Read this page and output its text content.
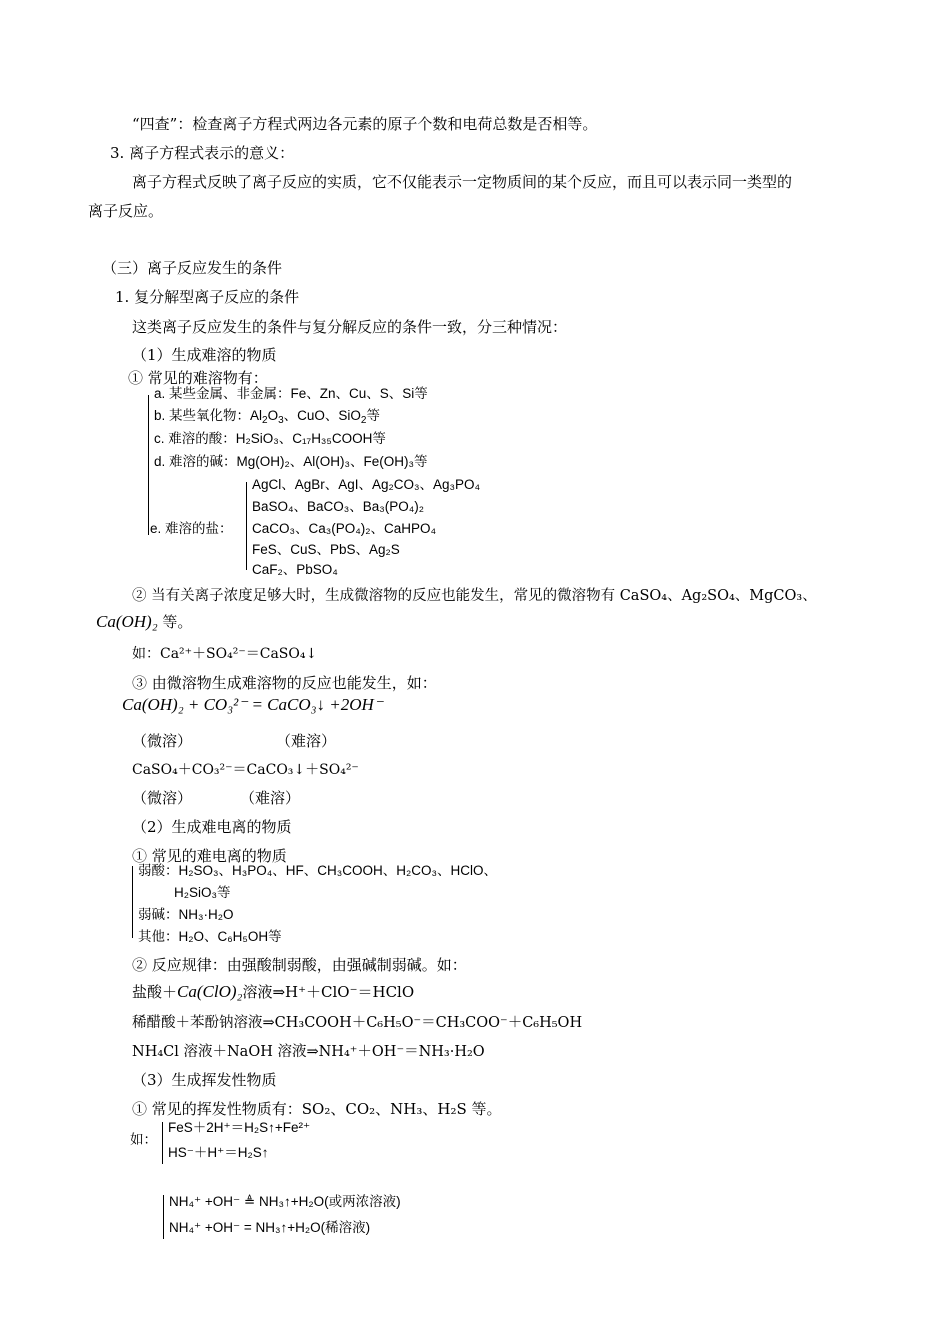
“四查”：检查离子方程式两边各元素的原子个数和电荷总数是否相等。
3. 离子方程式表示的意义：
离子方程式反映了离子反应的实质，它不仅能表示一定物质间的某个反应，而且可以表示同一类型的
离子反应。
（三）离子反应发生的条件
1. 复分解型离子反应的条件
这类离子反应发生的条件与复分解反应的条件一致，分三种情况：
（1）生成难溶的物质
① 常见的难溶物有：
a. 某些金属、非金属：Fe、Zn、Cu、S、Si等
b. 某些氧化物：$Al_2O_3$、CuO、SiO$_2$等
c. 难溶的酸：H₂SiO₃、C₁₇H₃₅COOH等
d. 难溶的碱：Mg(OH)₂、Al(OH)₃、Fe(OH)₃等
e. 难溶的盐：
AgCl、AgBr、AgI、Ag₂CO₃、Ag₃PO₄
BaSO₄、BaCO₃、Ba₃(PO₄)₂
CaCO₃、Ca₃(PO₄)₂、CaHPO₄
FeS、CuS、PbS、Ag₂S
CaF₂、PbSO₄
② 当有关离子浓度足够大时，生成微溶物的反应也能发生，常见的微溶物有 CaSO₄、Ag₂SO₄、MgCO₃、
Ca(OH)₂ 等。
如：Ca²⁺＋SO₄²⁻＝CaSO₄↓
③ 由微溶物生成难溶物的反应也能发生，如：
Ca(OH)₂ + CO₃²⁻ = CaCO₃↓ +2OH⁻
（微溶）	（难溶）
CaSO₄＋CO₃²⁻＝CaCO₃↓＋SO₄²⁻
（微溶）	（难溶）
（2）生成难电离的物质
① 常见的难电离的物质
弱酸：H₂SO₃、H₃PO₄、HF、CH₃COOH、H₂CO₃、HClO、
H₂SiO₃等
弱碱：NH₃·H₂O
其他：H₂O、C₆H₅OH等
② 反应规律：由强酸制弱酸，由强碱制弱碱。如：
盐酸＋Ca(ClO)₂溶液⇒H⁺＋ClO⁻＝HClO
稀醋酸＋苯酚钠溶液⇒CH₃COOH＋C₆H₅O⁻＝CH₃COO⁻＋C₆H₅OH
NH₄Cl 溶液＋NaOH 溶液⇒NH₄⁺＋OH⁻＝NH₃·H₂O
（3）生成挥发性物质
① 常见的挥发性物质有：SO₂、CO₂、NH₃、H₂S 等。
如：
FeS＋2H⁺＝H₂S↑+Fe²⁺
HS⁻＋H⁺＝H₂S↑
NH₄⁺ +OH⁻ ≜ NH₃↑+H₂O(或两浓溶液)
NH₄⁺ +OH⁻ = NH₃↑+H₂O(稀溶液)
